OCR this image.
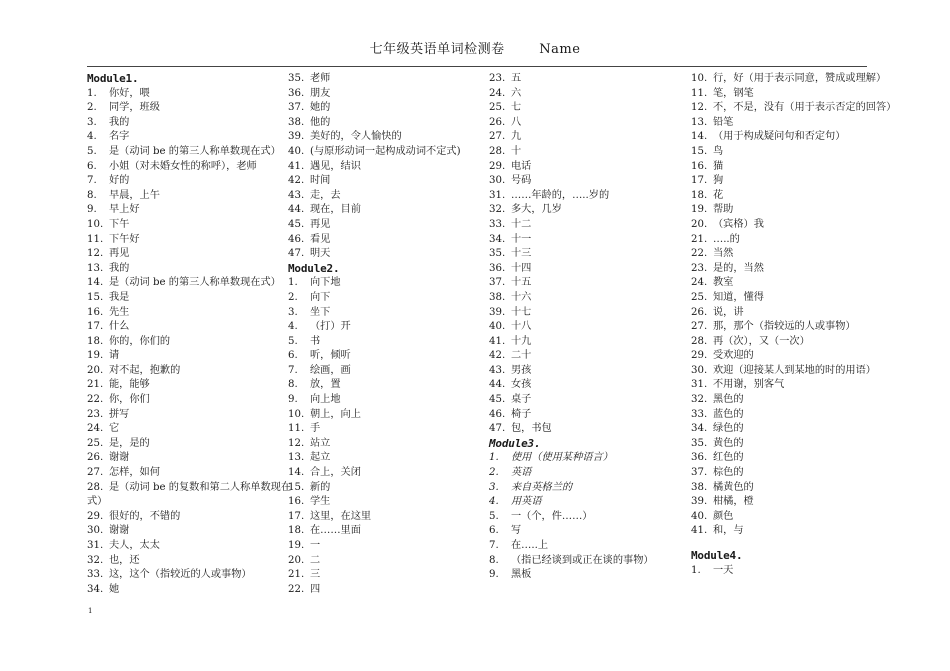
七年级英语单词检测卷	Name
Module1.
1. 你好，喂
2. 同学，班级
3. 我的
4. 名字
5. 是（动词 be 的第三人称单数现在式）
6. 小姐（对未婚女性的称呼），老师
7. 好的
8. 早晨，上午
9. 早上好
10. 下午
11. 下午好
12. 再见
13. 我的
14. 是（动词 be 的第三人称单数现在式）
15. 我是
16. 先生
17. 什么
18. 你的，你们的
19. 请
20. 对不起，抱歉的
21. 能，能够
22. 你，你们
23. 拼写
24. 它
25. 是，是的
26. 谢谢
27. 怎样，如何
28. 是（动词 be 的复数和第二人称单数现在式）
29. 很好的，不错的
30. 谢谢
31. 夫人，太太
32. 也，还
33. 这，这个（指较近的人或事物）
34. 她
35. 老师
36. 朋友
37. 她的
38. 他的
39. 美好的，令人愉快的
40. (与原形动词一起构成动词不定式)
41. 遇见，结识
42. 时间
43. 走，去
44. 现在，目前
45. 再见
46. 看见
47. 明天
Module2.
1. 向下地
2. 向下
3. 坐下
4. （打）开
5. 书
6. 听，倾听
7. 绘画，画
8. 放，置
9. 向上地
10. 朝上，向上
11. 手
12. 站立
13. 起立
14. 合上，关闭
15. 新的
16. 学生
17. 这里，在这里
18. 在……里面
19. 一
20. 二
21. 三
22. 四
23. 五
24. 六
25. 七
26. 八
27. 九
28. 十
29. 电话
30. 号码
31. ……年龄的，…..岁的
32. 多大，几岁
33. 十二
34. 十一
35. 十三
36. 十四
37. 十五
38. 十六
39. 十七
40. 十八
41. 十九
42. 二十
43. 男孩
44. 女孩
45. 桌子
46. 椅子
47. 包，书包
Module3.
1. 使用（使用某种语言）
2. 英语
3. 来自英格兰的
4. 用英语
5. 一（个，件……）
6. 写
7. 在…..上
8. （指已经谈到或正在谈的事物）
9. 黑板
10. 行，好（用于表示同意，赞成或理解）
11. 笔，钢笔
12. 不，不是，没有（用于表示否定的回答）
13. 铅笔
14. （用于构成疑问句和否定句）
15. 鸟
16. 猫
17. 狗
18. 花
19. 帮助
20. （宾格）我
21. …..的
22. 当然
23. 是的，当然
24. 教室
25. 知道，懂得
26. 说，讲
27. 那，那个（指较远的人或事物）
28. 再（次），又（一次）
29. 受欢迎的
30. 欢迎（迎接某人到某地的时的用语）
31. 不用谢，别客气
32. 黑色的
33. 蓝色的
34. 绿色的
35. 黄色的
36. 红色的
37. 棕色的
38. 橘黄色的
39. 柑橘，橙
40. 颜色
41. 和，与
Module4.
1. 一天
1
